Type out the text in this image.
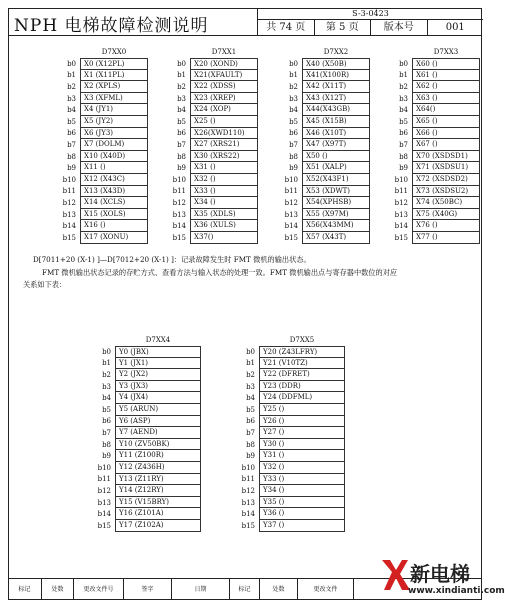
NPH 电梯故障检测说明
S-3-0423
共 74 页	第 5 页	版本号	001
D7XX0
b0	X0 (X12PL)
b1	X1 (X11PL)
b2	X2 (XPLS)
b3	X3 (XFML)
b4	X4 (JY1)
b5	X5 (JY2)
b6	X6 (JY3)
b7	X7 (DOLM)
b8	X10 (X40D)
b9	X11 ()
b10	X12 (X43C)
b11	X13 (X43D)
b12	X14 (XCLS)
b13	X15 (XOLS)
b14	X16 ()
b15	X17 (XONU)
D7XX1
b0	X20 (XOND)
b1	X21(XFAULT)
b2	X22 (XDSS)
b3	X23 (XREP)
b4	X24 (XOP)
b5	X25 ()
b6	X26(XWD110)
b7	X27 (XRS21)
b8	X30 (XRS22)
b9	X31 ()
b10	X32 ()
b11	X33 ()
b12	X34 ()
b13	X35 (XDLS)
b14	X36 (XULS)
b15	X37()
D7XX2
b0	X40 (X50B)
b1	X41(X100R)
b2	X42 (X11T)
b3	X43 (X12T)
b4	X44(X43GB)
b5	X45 (X15B)
b6	X46 (X10T)
b7	X47 (X97T)
b8	X50 ()
b9	X51 (XALP)
b10	X52(X43F1)
b11	X53 (XDWT)
b12	X54(XPHSB)
b13	X55 (X97M)
b14	X56(X43MM)
b15	X57 (X43T)
D7XX3
b0	X60 ()
b1	X61 ()
b2	X62 ()
b3	X63 ()
b4	X64()
b5	X65 ()
b6	X66 ()
b7	X67 ()
b8	X70 (XSDSD1)
b9	X71 (XSDSU1)
b10	X72 (XSDSD2)
b11	X73 (XSDSU2)
b12	X74 (X50BC)
b13	X75 (X40G)
b14	X76 ()
b15	X77 ()
D[7011+20 (X-1) ]—D[7012+20 (X-1) ]：记录故障发生时 FMT 微机的输出状态。
FMT 微机输出状态记录的存贮方式、查看方法与输入状态的处理一致。FMT 微机输出点与寄存器中数位的对应
关系如下表：
D7XX4
b0	Y0 (JBX)
b1	Y1 (JX1)
b2	Y2 (JX2)
b3	Y3 (JX3)
b4	Y4 (JX4)
b5	Y5 (ARUN)
b6	Y6 (ASP)
b7	Y7 (AEND)
b8	Y10 (ZV50BK)
b9	Y11 (Z100R)
b10	Y12 (Z436H)
b11	Y13 (Z11RY)
b12	Y14 (Z12RY)
b13	Y15 (V15BRY)
b14	Y16 (Z101A)
b15	Y17 (Z102A)
D7XX5
b0	Y20 (Z43LFRY)
b1	Y21 (V10TZ)
b2	Y22 (DFRET)
b3	Y23 (DDR)
b4	Y24 (DDFML)
b5	Y25 ()
b6	Y26 ()
b7	Y27 ()
b8	Y30 ()
b9	Y31 ()
b10	Y32 ()
b11	Y33 ()
b12	Y34 ()
b13	Y35 ()
b14	Y36 ()
b15	Y37 ()
标记	处数	更改文件号	签字	日期	标记	处数	更改文件
新电梯
www.xindianti.com
